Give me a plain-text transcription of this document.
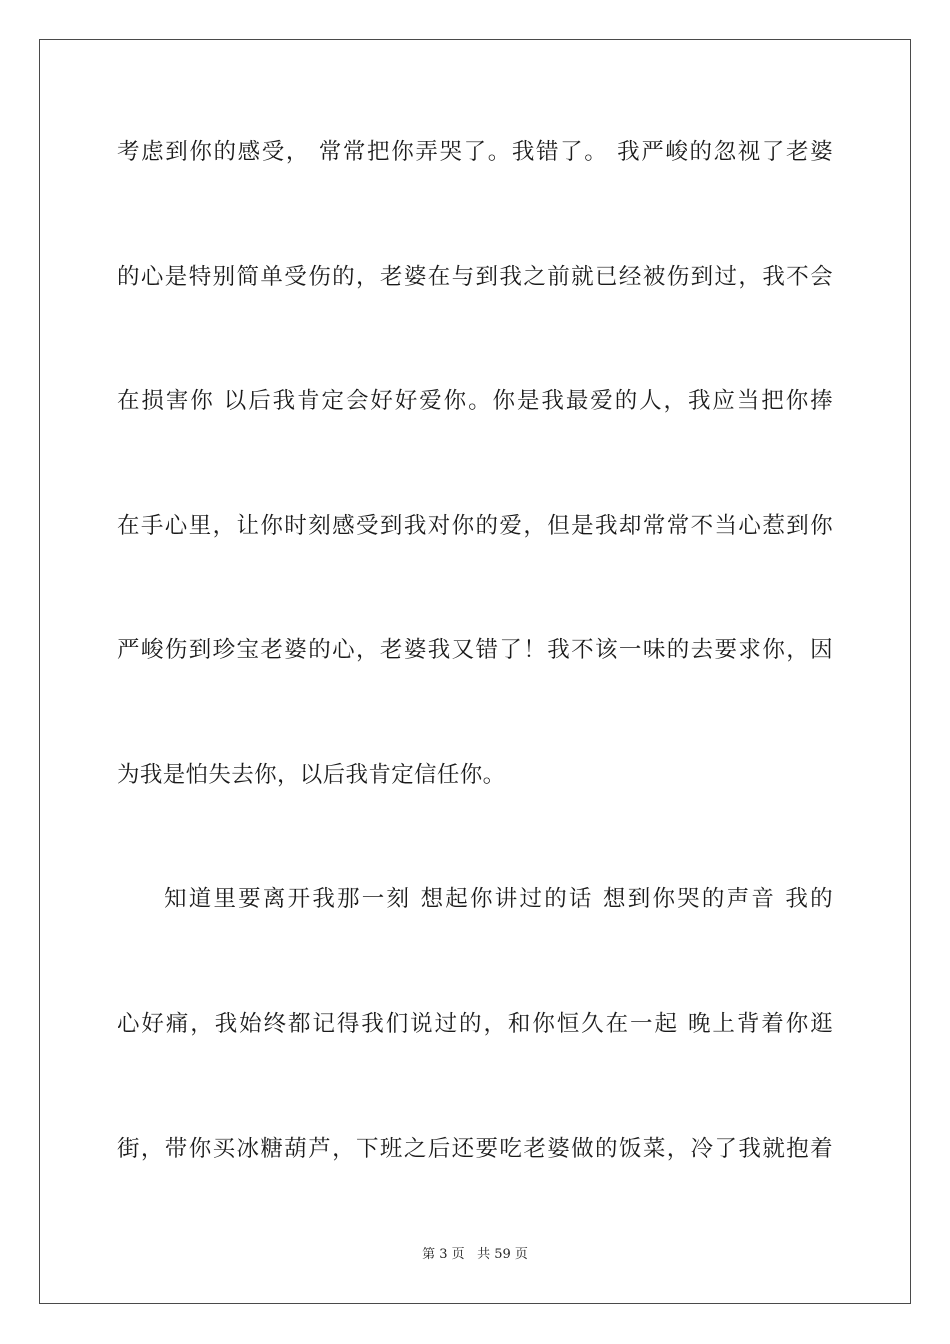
考虑到你的感受， 常常把你弄哭了。我错了。 我严峻的忽视了老婆
的心是特别简单受伤的，老婆在与到我之前就已经被伤到过，我不会
在损害你 以后我肯定会好好爱你。你是我最爱的人，我应当把你捧
在手心里，让你时刻感受到我对你的爱，但是我却常常不当心惹到你
严峻伤到珍宝老婆的心，老婆我又错了！我不该一味的去要求你，因
为我是怕失去你，以后我肯定信任你。
知道里要离开我那一刻 想起你讲过的话 想到你哭的声音 我的
心好痛，我始终都记得我们说过的，和你恒久在一起 晚上背着你逛
街，带你买冰糖葫芦，下班之后还要吃老婆做的饭菜，冷了我就抱着
第 3 页 共 59 页
